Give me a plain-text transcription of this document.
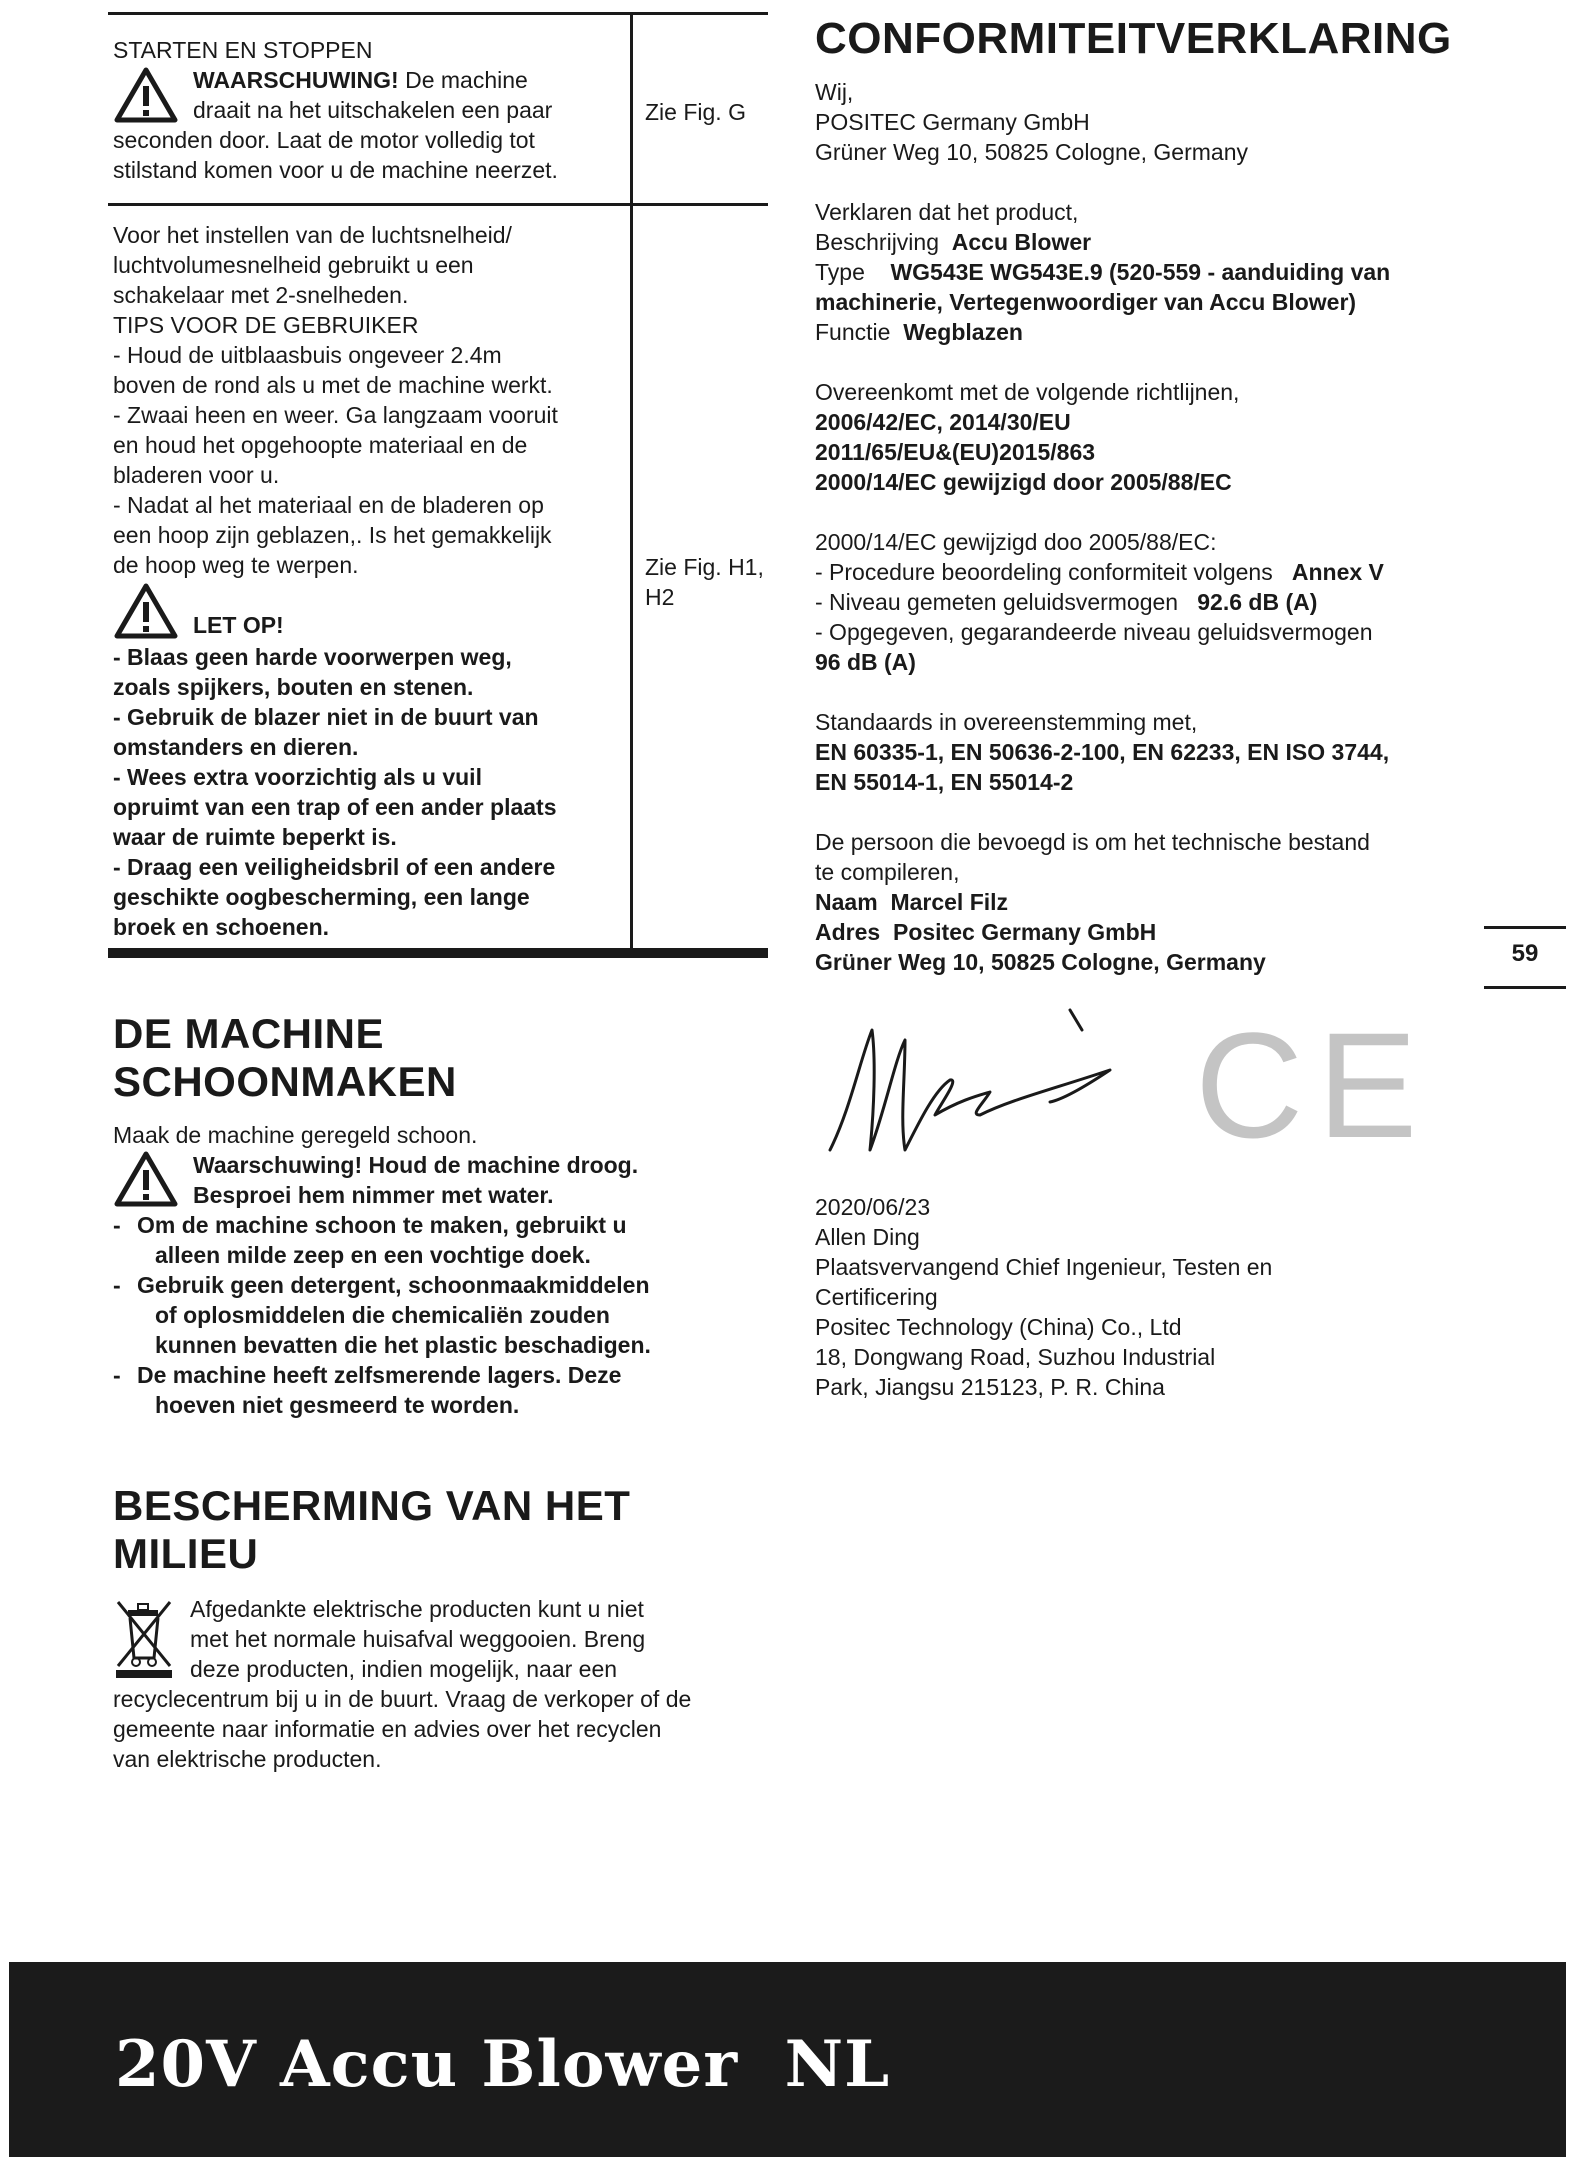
STARTEN EN STOPPEN
WAARSCHUWING! De machine
draait na het uitschakelen een paar
seconden door. Laat de motor volledig tot
stilstand komen voor u de machine neerzet.
Zie Fig. G
Voor het instellen van de luchtsnelheid/
luchtvolumesnelheid gebruikt u een
schakelaar met 2-snelheden.
TIPS VOOR DE GEBRUIKER
- Houd de uitblaasbuis ongeveer 2.4m
boven de rond als u met de machine werkt.
- Zwaai heen en weer. Ga langzaam vooruit
en houd het opgehoopte materiaal en de
bladeren voor u.
- Nadat al het materiaal en de bladeren op
een hoop zijn geblazen,. Is het gemakkelijk
de hoop weg te werpen.	Zie Fig. H1,
H2
LET OP!
- Blaas geen harde voorwerpen weg,
zoals spijkers, bouten en stenen.
- Gebruik de blazer niet in de buurt van
omstanders en dieren.
- Wees extra voorzichtig als u vuil
opruimt van een trap of een ander plaats
waar de ruimte beperkt is.
- Draag een veiligheidsbril of een andere
geschikte oogbescherming, een lange
broek en schoenen.
DE MACHINE
SCHOONMAKEN
Maak de machine geregeld schoon.
Waarschuwing! Houd de machine droog.
Besproei hem nimmer met water.
- Om de machine schoon te maken, gebruikt u
alleen milde zeep en een vochtige doek.
- Gebruik geen detergent, schoonmaakmiddelen
of oplosmiddelen die chemicaliën zouden
kunnen bevatten die het plastic beschadigen.
- De machine heeft zelfsmerende lagers. Deze
hoeven niet gesmeerd te worden.
BESCHERMING VAN HET
MILIEU
Afgedankte elektrische producten kunt u niet
met het normale huisafval weggooien. Breng
deze producten, indien mogelijk, naar een
recyclecentrum bij u in de buurt. Vraag de verkoper of de
gemeente naar informatie en advies over het recyclen
van elektrische producten.
CONFORMITEITVERKLARING
Wij,
POSITEC Germany GmbH
Grüner Weg 10, 50825 Cologne, Germany
Verklaren dat het product,
Beschrijving Accu Blower
Type WG543E WG543E.9 (520-559 - aanduiding van
machinerie, Vertegenwoordiger van Accu Blower)
Functie Wegblazen
Overeenkomt met de volgende richtlijnen,
2006/42/EC, 2014/30/EU
2011/65/EU&(EU)2015/863
2000/14/EC gewijzigd door 2005/88/EC
2000/14/EC gewijzigd doo 2005/88/EC:
- Procedure beoordeling conformiteit volgens Annex V
- Niveau gemeten geluidsvermogen 92.6 dB (A)
- Opgegeven, gegarandeerde niveau geluidsvermogen
96 dB (A)
Standaards in overeenstemming met,
EN 60335-1, EN 50636-2-100, EN 62233, EN ISO 3744,
EN 55014-1, EN 55014-2
De persoon die bevoegd is om het technische bestand
te compileren,
Naam Marcel Filz
Adres Positec Germany GmbH
Grüner Weg 10, 50825 Cologne, Germany
CE
2020/06/23
Allen Ding
Plaatsvervangend Chief Ingenieur, Testen en
Certificering
Positec Technology (China) Co., Ltd
18, Dongwang Road, Suzhou Industrial
Park, Jiangsu 215123, P. R. China
59
20V Accu Blower NL
